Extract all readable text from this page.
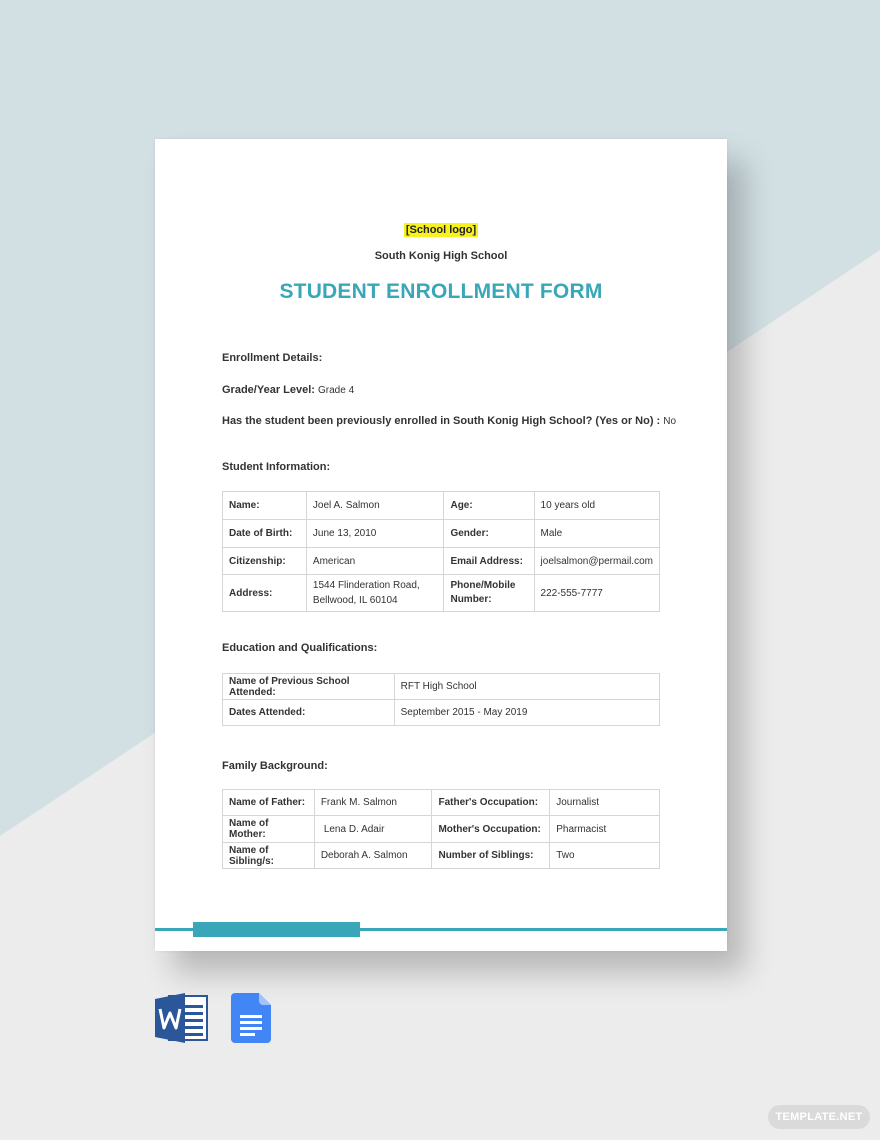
[School logo]
South Konig High School
STUDENT ENROLLMENT FORM
Enrollment Details:
Grade/Year Level: Grade 4
Has the student been previously enrolled in South Konig High School? (Yes or No) : No
Student Information:
Name:	Joel A. Salmon	Age:	10 years old
Date of Birth:	June 13, 2010	Gender:	Male
Citizenship:	American	Email Address:	joelsalmon@permail.com
Address:	1544 Flinderation Road, Bellwood, IL 60104	Phone/Mobile Number:	222-555-7777
Education and Qualifications:
Name of Previous School Attended:	RFT High School
Dates Attended:	September 2015 - May 2019
Family Background:
Name of Father:	Frank M. Salmon	Father's Occupation:	Journalist
Name of Mother:	Lena D. Adair	Mother's Occupation:	Pharmacist
Name of Sibling/s:	Deborah A. Salmon	Number of Siblings:	Two
TEMPLATE.NET
